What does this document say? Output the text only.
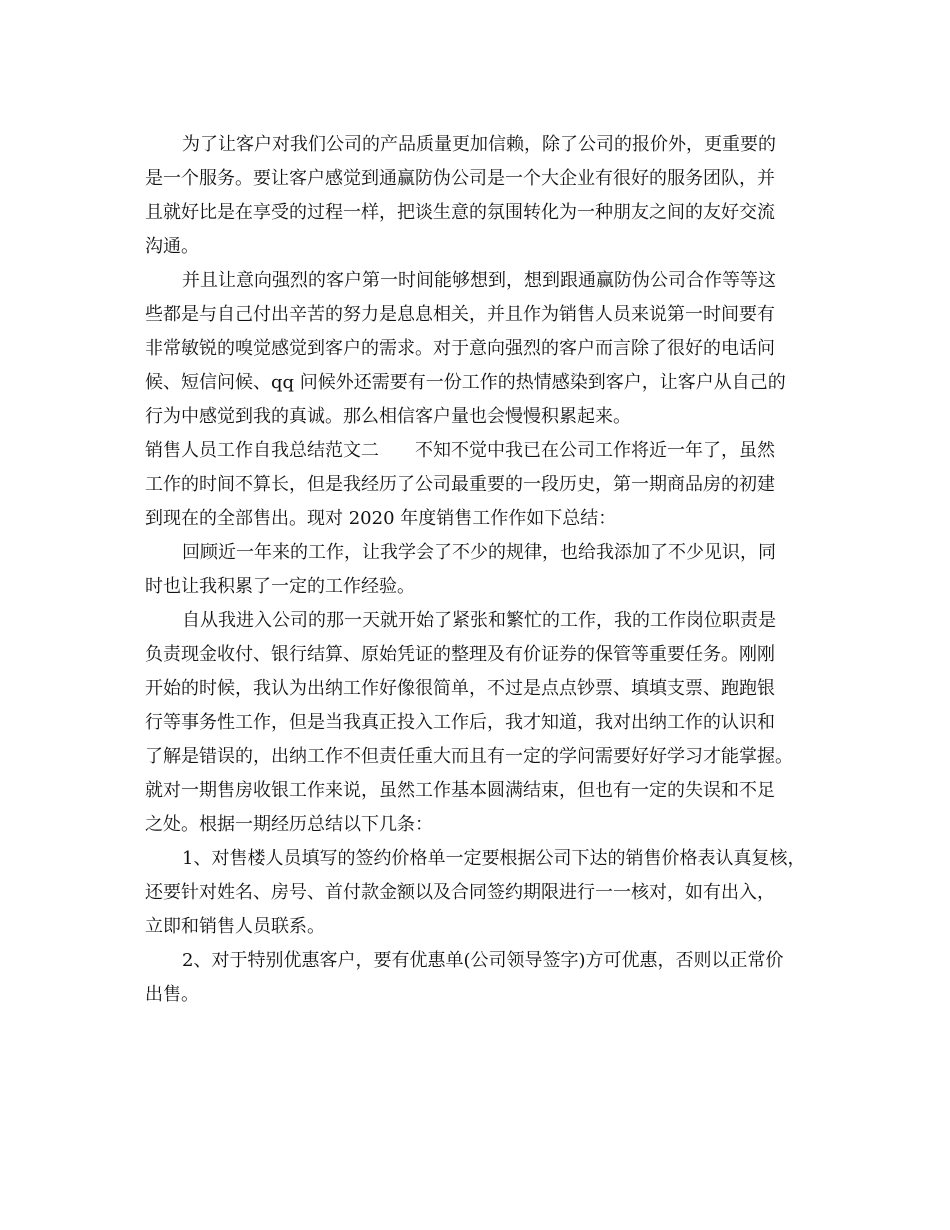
为了让客户对我们公司的产品质量更加信赖，除了公司的报价外，更重要的
是一个服务。要让客户感觉到通赢防伪公司是一个大企业有很好的服务团队，并
且就好比是在享受的过程一样，把谈生意的氛围转化为一种朋友之间的友好交流
沟通。
并且让意向强烈的客户第一时间能够想到，想到跟通赢防伪公司合作等等这
些都是与自己付出辛苦的努力是息息相关，并且作为销售人员来说第一时间要有
非常敏锐的嗅觉感觉到客户的需求。对于意向强烈的客户而言除了很好的电话问
候、短信问候、qq 问候外还需要有一份工作的热情感染到客户，让客户从自己的
行为中感觉到我的真诚。那么相信客户量也会慢慢积累起来。
销售人员工作自我总结范文二 不知不觉中我已在公司工作将近一年了，虽然
工作的时间不算长，但是我经历了公司最重要的一段历史，第一期商品房的初建
到现在的全部售出。现对 2020 年度销售工作作如下总结：
回顾近一年来的工作，让我学会了不少的规律，也给我添加了不少见识，同
时也让我积累了一定的工作经验。
自从我进入公司的那一天就开始了紧张和繁忙的工作，我的工作岗位职责是
负责现金收付、银行结算、原始凭证的整理及有价证券的保管等重要任务。刚刚
开始的时候，我认为出纳工作好像很简单，不过是点点钞票、填填支票、跑跑银
行等事务性工作，但是当我真正投入工作后，我才知道，我对出纳工作的认识和
了解是错误的，出纳工作不但责任重大而且有一定的学问需要好好学习才能掌握。
就对一期售房收银工作来说，虽然工作基本圆满结束，但也有一定的失误和不足
之处。根据一期经历总结以下几条：
1、对售楼人员填写的签约价格单一定要根据公司下达的销售价格表认真复核，
还要针对姓名、房号、首付款金额以及合同签约期限进行一一核对，如有出入，
立即和销售人员联系。
2、对于特别优惠客户，要有优惠单(公司领导签字)方可优惠，否则以正常价
出售。
